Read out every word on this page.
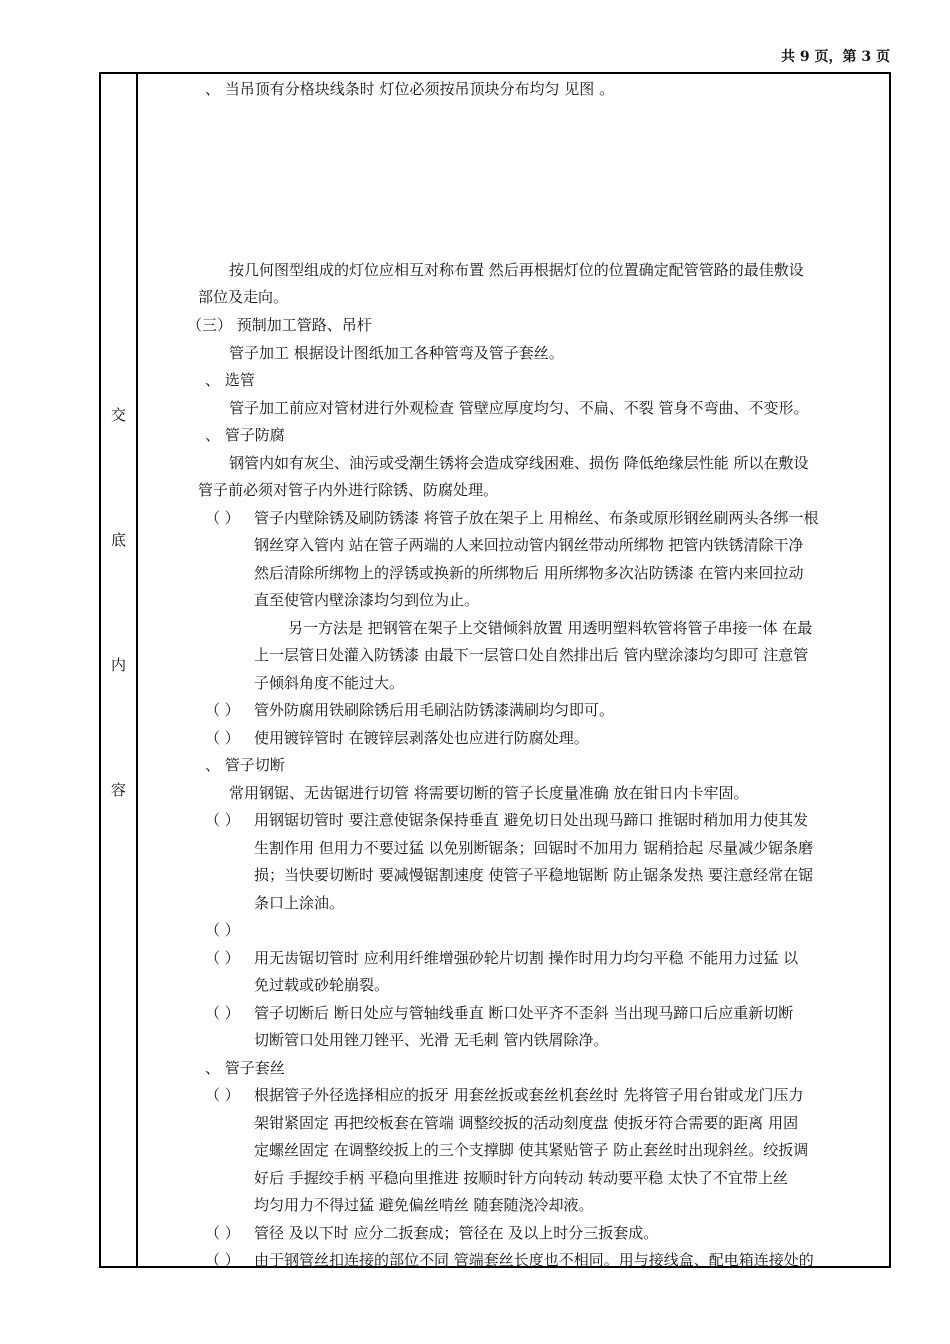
共 9 页，第 3 页
交
底
内
容
、 当吊顶有分格块线条时 灯位必须按吊顶块分布均匀 见图 。
按几何图型组成的灯位应相互对称布置 然后再根据灯位的位置确定配管管路的最佳敷设
部位及走向。
（三） 预制加工管路、吊杆
管子加工 根据设计图纸加工各种管弯及管子套丝。
、 选管
管子加工前应对管材进行外观检查 管壁应厚度均匀、不扁、不裂 管身不弯曲、不变形。
、 管子防腐
钢管内如有灰尘、油污或受潮生锈将会造成穿线困难、损伤 降低绝缘层性能 所以在敷设
管子前必须对管子内外进行除锈、防腐处理。
（ ） 管子内壁除锈及刷防锈漆 将管子放在架子上 用棉丝、布条或原形钢丝刷两头各绑一根
钢丝穿入管内 站在管子两端的人来回拉动管内钢丝带动所绑物 把管内铁锈清除干净
然后清除所绑物上的浮锈或换新的所绑物后 用所绑物多次沾防锈漆 在管内来回拉动
直至使管内壁涂漆均匀到位为止。
另一方法是 把钢管在架子上交错倾斜放置 用透明塑料软管将管子串接一体 在最
上一层管日处灌入防锈漆 由最下一层管口处自然排出后 管内壁涂漆均匀即可 注意管
子倾斜角度不能过大。
（ ） 管外防腐用铁刷除锈后用毛刷沾防锈漆满刷均匀即可。
（ ） 使用镀锌管时 在镀锌层剥落处也应进行防腐处理。
、 管子切断
常用钢锯、无齿锯进行切管 将需要切断的管子长度量准确 放在钳日内卡牢固。
（ ） 用钢锯切管时 要注意使锯条保持垂直 避免切日处出现马蹄口 推锯时稍加用力使其发
生割作用 但用力不要过猛 以免别断锯条；回锯时不加用力 锯稍拾起 尽量减少锯条磨
损；当快要切断时 要减慢锯割速度 使管子平稳地锯断 防止锯条发热 要注意经常在锯
条口上涂油。
（ ）
（ ） 用无齿锯切管时 应利用纤维增强砂轮片切割 操作时用力均匀平稳 不能用力过猛 以
免过载或砂轮崩裂。
（ ） 管子切断后 断日处应与管轴线垂直 断口处平齐不歪斜 当出现马蹄口后应重新切断
切断管口处用锉刀锉平、光滑 无毛刺 管内铁屑除净。
、 管子套丝
（ ） 根据管子外径选择相应的扳牙 用套丝扳或套丝机套丝时 先将管子用台钳或龙门压力
架钳紧固定 再把绞板套在管端 调整绞扳的活动刻度盘 使扳牙符合需要的距离 用固
定螺丝固定 在调整绞扳上的三个支撑脚 使其紧贴管子 防止套丝时出现斜丝。绞扳调
好后 手握绞手柄 平稳向里推进 按顺时针方向转动 转动要平稳 太快了不宜带上丝
均匀用力不得过猛 避免偏丝啃丝 随套随浇冷却液。
（ ） 管径 及以下时 应分二扳套成；管径在 及以上时分三扳套成。
（ ） 由于钢管丝扣连接的部位不同 管端套丝长度也不相同。用与接线盒、配电箱连接处的
